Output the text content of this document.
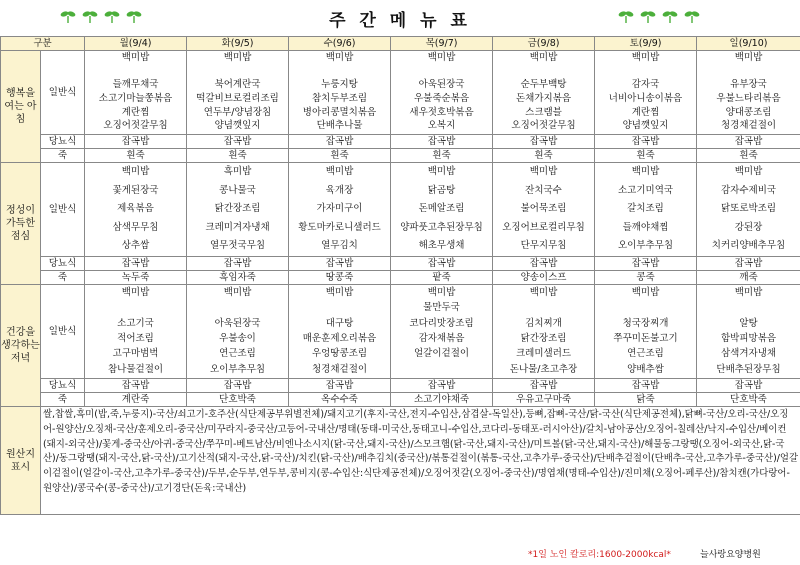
주 간 메 뉴 표
구분		월(9/4)	화(9/5)	수(9/6)	목(9/7)	금(9/8)	토(9/9)	일(9/10)
행복을 여는 아침	일반식	백미밥

들깨무채국
소고기마늘쫑볶음
계란찜
오징어젓갈무침	백미밥

북어계란국
떡갈비브로컬리조림
연두부/양념장침
양념깻잎지	백미밥

누룽지탕
참치두부조림
병아리콩멸치볶음
단배추나물	백미밥

아욱된장국
우불죽순볶음
새우젓호박볶음
오복지	백미밥

순두부백탕
돈채가지볶음
스크램블
오징어젓갈무침	백미밥

감자국
너비아니송이볶음
계란찜
양념깻잎지	백미밥

유부장국
우불느타리볶음
양대콩조림
청경채겉절이

	당뇨식	잡곡밥	잡곡밥	잡곡밥	잡곡밥	잡곡밥	잡곡밥	잡곡밥
	죽	흰죽	흰죽	흰죽	흰죽	흰죽	흰죽	흰죽
정성이 가득한 점심	일반식	백미밥
꽃게된장국
제육볶음
삼색무무침
상추쌈	흑미밥
콩나물국
닭간장조림
크레미겨자냉채
열무젓국무침	백미밥
육개장
가자미구이
황도마카로니샐러드
열무김치	백미밥
닭곰탕
돈메알조림
양파풋고추된장무침
해초무생채	백미밥
잔치국수
불어묵조림
오징어브로컬리무침
단무지무침	백미밥
소고기미역국
갈치조림
들깨야채찜
오이부추무침	백미밥
감자수제비국
닭또로박조림
강된장
치커리양배추무침

	당뇨식	잡곡밥	잡곡밥	잡곡밥	잡곡밥	잡곡밥	잡곡밥	잡곡밥
	죽	녹두죽	흑임자죽	땅콩죽	팥죽	양송이스프	콩죽	깨죽
건강을 생각하는 저녁	일반식	백미밥

소고기국
적어조림
고구마범벅
참나물겉절이	백미밥

아욱된장국
우불송이
연근조림
오이부추무침	백미밥

대구탕
매운훈제오리볶음
우엉땅콩조림
청경채겉절이	백미밥
물만두국
코다리맛장조림
감자채볶음
얼갈이겉절이	백미밥

김치찌개
닭간장조림
크레미샐러드
돈나물/초고추장	백미밥

청국장찌개
쭈꾸미돈불고기
연근조림
양배추쌈	백미밥

알탕
함박피망볶음
삼색겨자냉채
단배추된장무침

	당뇨식	잡곡밥	잡곡밥	잡곡밥	잡곡밥	잡곡밥	잡곡밥	잡곡밥
	죽	계란죽	단호박죽	옥수수죽	소고기야채죽	우유고구마죽	닭죽	단호박죽
원산지 표시	쌀,찹쌀,흑미(밥,죽,누룽지)-국산/쇠고기-호주산(식단제공부위별전체)/돼지고기(후지-국산,전지-수입산,삼겹살-독일산),등뼈,잡뼈-국산/닭-국산(식단제공전체),닭뼈-국산/오리-국산/오징어-원양산/오징채-국산/훈제오리-중국산/미꾸라지-중국산/고등어-국내산/명태(동태-미국산,동태고니-수입산,코다리-동태포-러시아산)/갈치-남아공산/오징어-칠레산/낙지-수입산/베이컨(돼지-외국산)/꽃게-중국산/아귀-중국산/쭈꾸미-베트남산/비엔나소시지(닭-국산,돼지-국산)/스모크햄(닭-국산,돼지-국산)/미트볼(닭-국산,돼지-국산)/해물동그랑땡(오징어-외국산,닭-국산)/동그랑땡(돼지-국산,닭-국산)/고기산적(돼지-국산,닭-국산)/치킨(닭-국산)/배추김치(중국산)/볶통겉절이(볶통-국산,고추가루-중국산)/단배추겉절이(단배추-국산,고추가루-중국산)/얼갈이겉절이(얼갈이-국산,고추가루-중국산)/두부,순두부,연두부,콩비지(콩-수입산:식단제공전체)/오징어젓갈(오징어-중국산)/명엽채(명태-수입산)/진미채(오징어-페루산)/참치캔(가다랑어-원양산)/콩국수(콩-중국산)/고기경단(돈육:국내산)							
*1일 노인 칼로리:1600-2000kcal*	늘사랑요양병원
